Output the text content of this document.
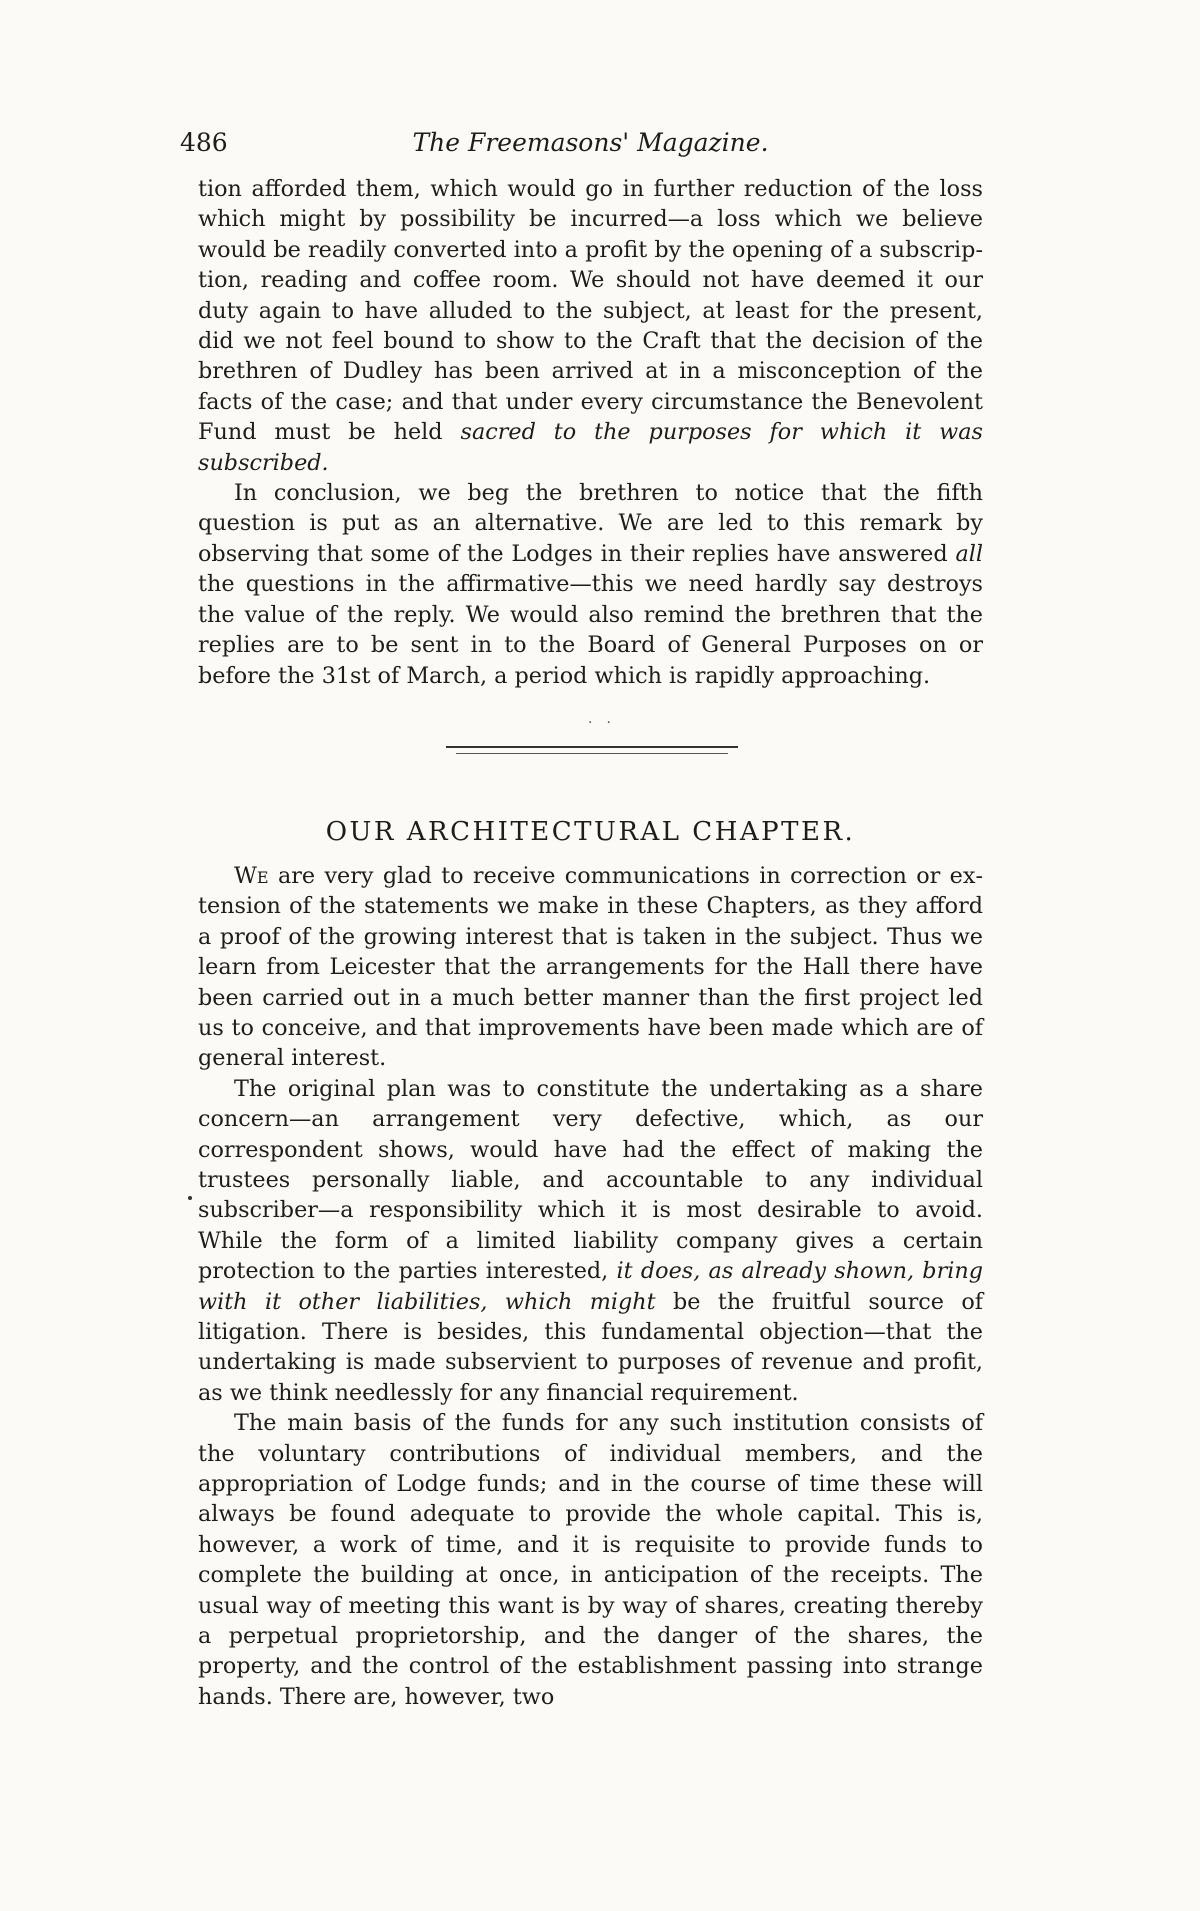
486	The Freemasons' Magazine.

tion afforded them, which would go in further reduction of the loss which might by possibility be incurred—a loss which we believe would be readily converted into a profit by the opening of a subscription, reading and coffee room. We should not have deemed it our duty again to have alluded to the subject, at least for the present, did we not feel bound to show to the Craft that the decision of the brethren of Dudley has been arrived at in a misconception of the facts of the case; and that under every circumstance the Benevolent Fund must be held sacred to the purposes for which it was subscribed.

In conclusion, we beg the brethren to notice that the fifth question is put as an alternative. We are led to this remark by observing that some of the Lodges in their replies have answered all the questions in the affirmative—this we need hardly say destroys the value of the reply. We would also remind the brethren that the replies are to be sent in to the Board of General Purposes on or before the 31st of March, a period which is rapidly approaching.

··
OUR ARCHITECTURAL CHAPTER.

We are very glad to receive communications in correction or extension of the statements we make in these Chapters, as they afford a proof of the growing interest that is taken in the subject. Thus we learn from Leicester that the arrangements for the Hall there have been carried out in a much better manner than the first project led us to conceive, and that improvements have been made which are of general interest.

The original plan was to constitute the undertaking as a share concern—an arrangement very defective, which, as our correspondent shows, would have had the effect of making the trustees personally liable, and accountable to any individual subscriber—a responsibility which it is most desirable to avoid. While the form of a limited liability company gives a certain protection to the parties interested, it does, as already shown, bring with it other liabilities, which might be the fruitful source of litigation. There is besides, this fundamental objection—that the undertaking is made subservient to purposes of revenue and profit, as we think needlessly for any financial requirement.

The main basis of the funds for any such institution consists of the voluntary contributions of individual members, and the appropriation of Lodge funds; and in the course of time these will always be found adequate to provide the whole capital. This is, however, a work of time, and it is requisite to provide funds to complete the building at once, in anticipation of the receipts. The usual way of meeting this want is by way of shares, creating thereby a perpetual proprietorship, and the danger of the shares, the property, and the control of the establishment passing into strange hands. There are, however, two
